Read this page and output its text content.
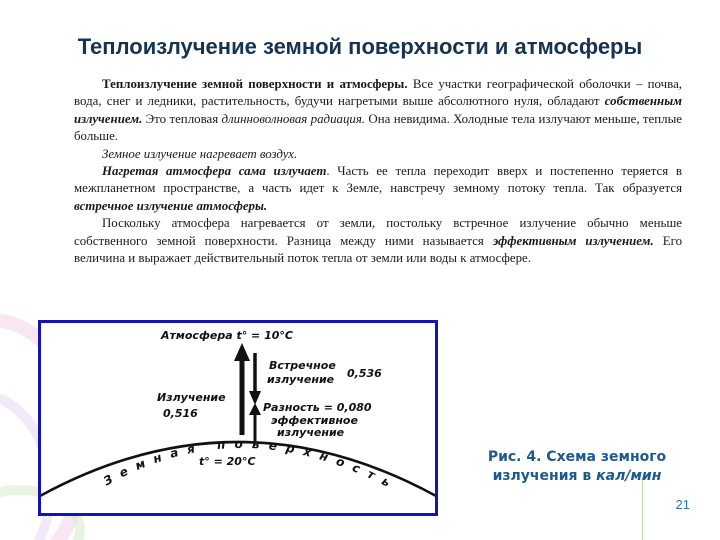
Теплоизлучение земной поверхности и атмосферы

Теплоизлучение земной поверхности и атмосферы. Все участки географической оболочки – почва, вода, снег и ледники, растительность, будучи нагретыми выше абсолютного нуля, обладают собственным излучением. Это тепловая длинноволновая радиация. Она невидима. Холодные тела излучают меньше, теплые больше.

Земное излучение нагревает воздух.

Нагретая атмосфера сама излучает. Часть ее тепла переходит вверх и постепенно теряется в межпланетном пространстве, а часть идет к Земле, навстречу земному потоку тепла. Так образуется встречное излучение атмосферы.

Поскольку атмосфера нагревается от земли, постольку встречное излучение обычно меньше собственного земной поверхности. Разница между ними называется эффективным излучением. Его величина и выражает действительный поток тепла от земли или воды к атмосфере.

Атмосфера t° = 10°C
Встречное
излучение 0,536
Излучение
0,516	Разность = 0,080
эффективное
излучение
Земная поверхность
t° = 20°C	Рис. 4. Схема земного
излучения в кал/мин
21
